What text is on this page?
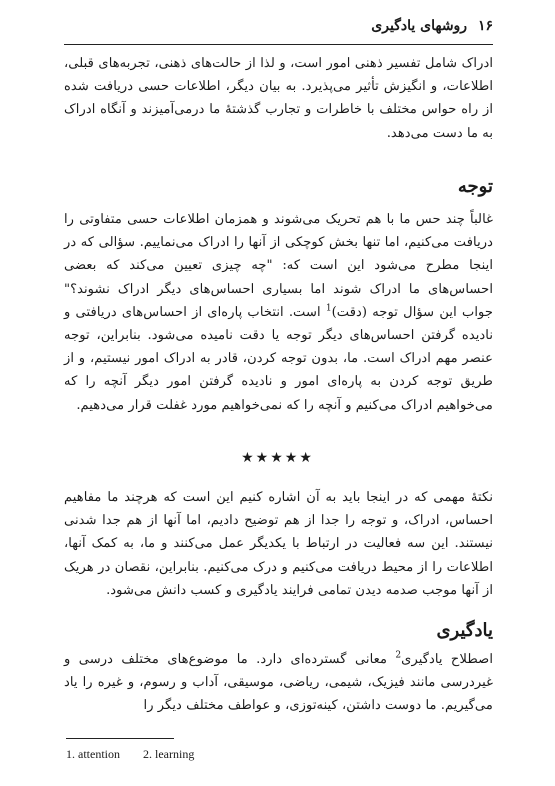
۱۶ روشهای یادگیری

ادراک شامل تفسیر ذهنی امور است، و لذا از حالت‌های ذهنی، تجربه‌های قبلی، اطلاعات، و انگیزش تأثیر می‌پذیرد. به بیان دیگر، اطلاعات حسی دریافت شده از راه حواس مختلف با خاطرات و تجارب گذشتهٔ ما درمی‌آمیزند و آنگاه ادراک به ما دست می‌دهد.

توجه

غالباً چند حس ما با هم تحریک می‌شوند و همزمان اطلاعات حسی متفاوتی را دریافت می‌کنیم، اما تنها بخش کوچکی از آنها را ادراک می‌نماییم. سؤالی که در اینجا مطرح می‌شود این است که: "چه چیزی تعیین می‌کند که بعضی احساس‌های ما ادراک شوند اما بسیاری احساس‌های دیگر ادراک نشوند؟" جواب این سؤال توجه (دقت)$^1$ است. انتخاب پاره‌ای از احساس‌های دریافتی و نادیده گرفتن احساس‌های دیگر توجه یا دقت نامیده می‌شود. بنابراین، توجه عنصر مهم ادراک است. ما، بدون توجه کردن، قادر به ادراک امور نیستیم، و از طریق توجه کردن به پاره‌ای امور و نادیده گرفتن امور دیگر آنچه را که می‌خواهیم ادراک می‌کنیم و آنچه را که نمی‌خواهیم مورد غفلت قرار می‌دهیم.

★★★★★

نکتهٔ مهمی که در اینجا باید به آن اشاره کنیم این است که هرچند ما مفاهیم احساس، ادراک، و توجه را جدا از هم توضیح دادیم، اما آنها از هم جدا شدنی نیستند. این سه فعالیت در ارتباط با یکدیگر عمل می‌کنند و ما، به کمک آنها، اطلاعات را از محیط دریافت می‌کنیم و درک می‌کنیم. بنابراین، نقصان در هریک از آنها موجب صدمه دیدن تمامی فرایند یادگیری و کسب دانش می‌شود.

یادگیری

اصطلاح یادگیری$^2$ معانی گسترده‌ای دارد. ما موضوع‌های مختلف درسی و غیردرسی مانند فیزیک، شیمی، ریاضی، موسیقی، آداب و رسوم، و غیره را یاد می‌گیریم. ما دوست داشتن، کینه‌توزی، و عواطف مختلف دیگر را

1. attention 2. learning
